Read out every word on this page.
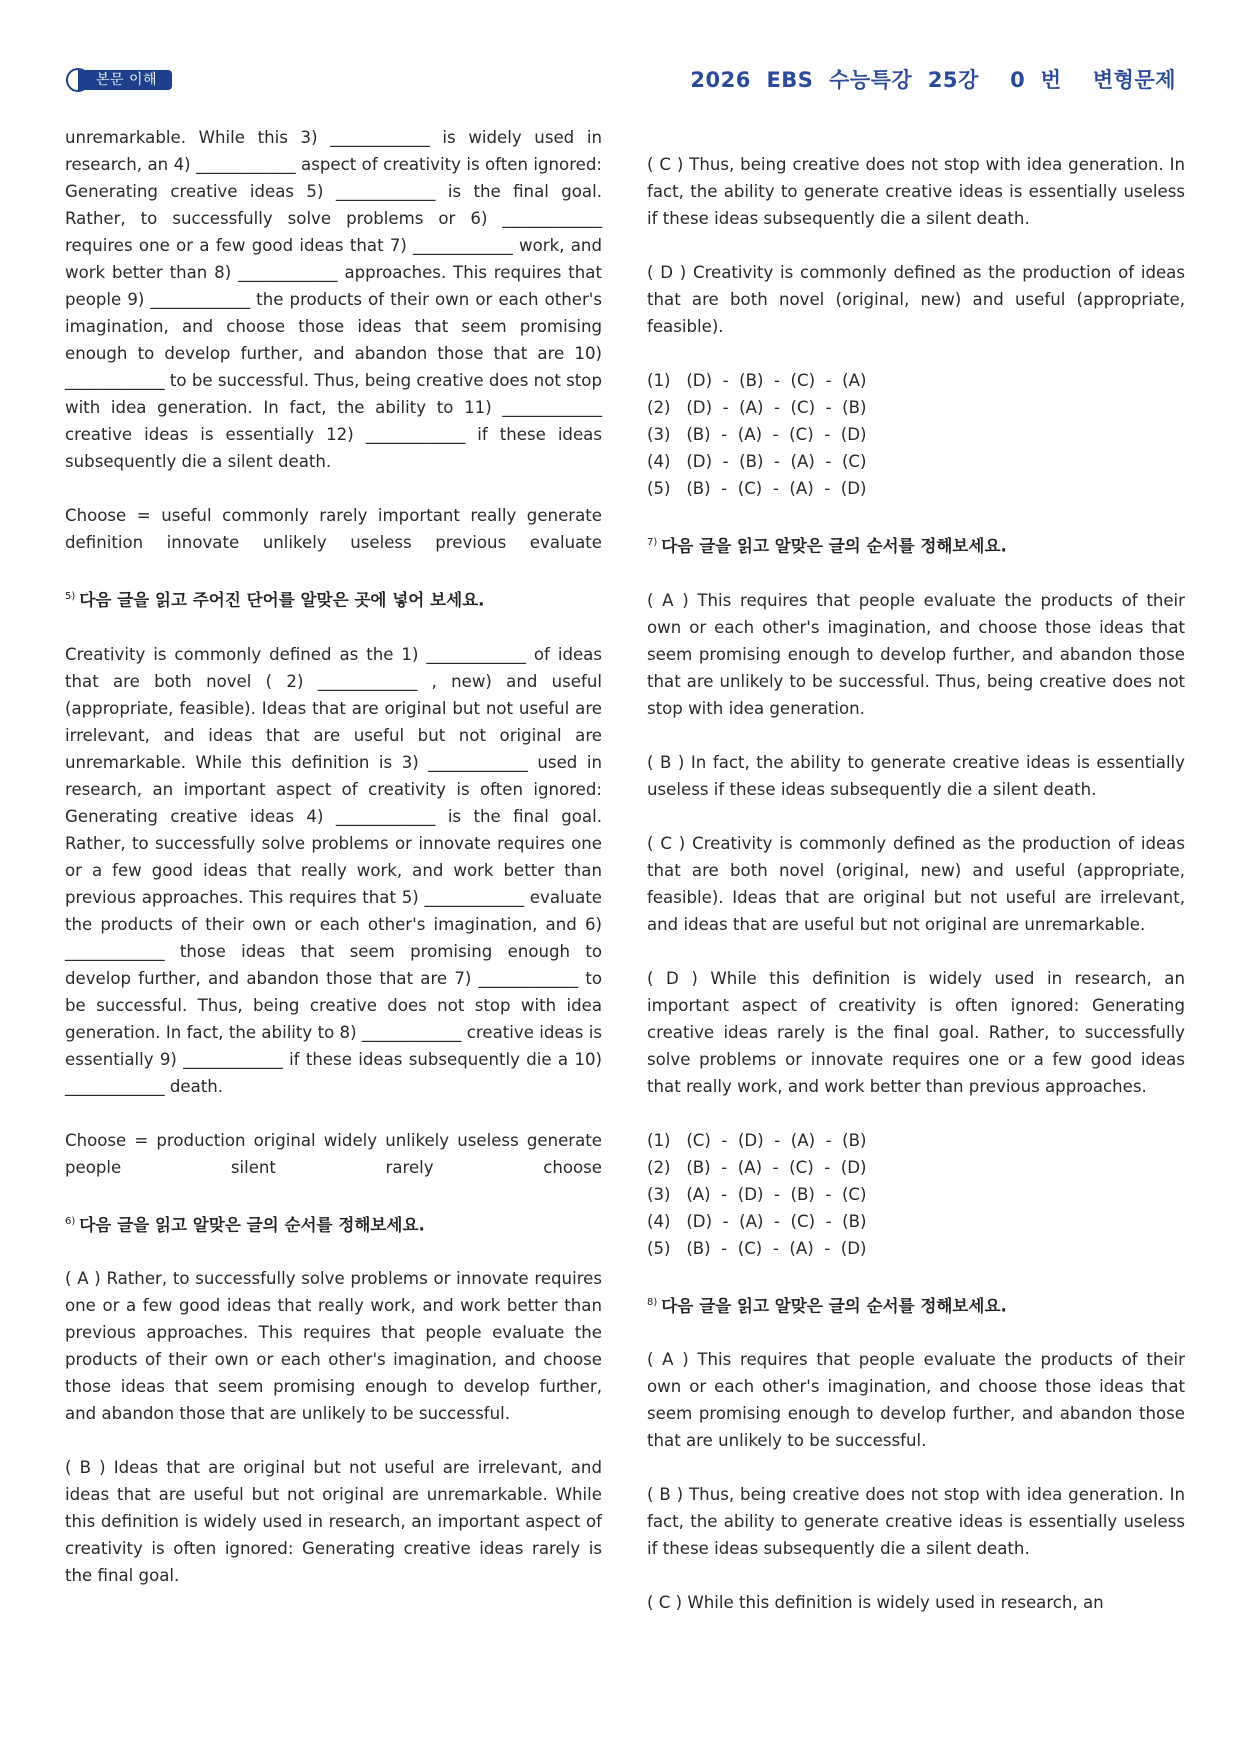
본문 이해	2026  EBS  수능특강  25강    0  번    변형문제

unremarkable. While this 3) ____________ is widely used in research, an 4) ____________ aspect of creativity is often ignored: Generating creative ideas 5) ____________ is the final goal. Rather, to successfully solve problems or 6) ____________ requires one or a few good ideas that 7) ____________ work, and work better than 8) ____________ approaches. This requires that people 9) ____________ the products of their own or each other's imagination, and choose those ideas that seem promising enough to develop further, and abandon those that are 10) ____________ to be successful. Thus, being creative does not stop with idea generation. In fact, the ability to 11) ____________ creative ideas is essentially 12) ____________ if these ideas subsequently die a silent death.

Choose = useful commonly rarely important really generate definition innovate unlikely useless previous evaluate

$^{5)}$ 다음 글을 읽고 주어진 단어를 알맞은 곳에 넣어 보세요.

Creativity is commonly defined as the 1) ____________ of ideas that are both novel ( 2) ____________ , new) and useful (appropriate, feasible). Ideas that are original but not useful are irrelevant, and ideas that are useful but not original are unremarkable. While this definition is 3) ____________ used in research, an important aspect of creativity is often ignored: Generating creative ideas 4) ____________ is the final goal. Rather, to successfully solve problems or innovate requires one or a few good ideas that really work, and work better than previous approaches. This requires that 5) ____________ evaluate the products of their own or each other's imagination, and 6) ____________ those ideas that seem promising enough to develop further, and abandon those that are 7) ____________ to be successful. Thus, being creative does not stop with idea generation. In fact, the ability to 8) ____________ creative ideas is essentially 9) ____________ if these ideas subsequently die a 10) ____________ death.

Choose = production original widely unlikely useless generate people silent rarely choose

$^{6)}$ 다음 글을 읽고 알맞은 글의 순서를 정해보세요.

( A ) Rather, to successfully solve problems or innovate requires one or a few good ideas that really work, and work better than previous approaches. This requires that people evaluate the products of their own or each other's imagination, and choose those ideas that seem promising enough to develop further, and abandon those that are unlikely to be successful.

( B ) Ideas that are original but not useful are irrelevant, and ideas that are useful but not original are unremarkable. While this definition is widely used in research, an important aspect of creativity is often ignored: Generating creative ideas rarely is the final goal.

( C ) Thus, being creative does not stop with idea generation. In fact, the ability to generate creative ideas is essentially useless if these ideas subsequently die a silent death.

( D ) Creativity is commonly defined as the production of ideas that are both novel (original, new) and useful (appropriate, feasible).

(1)   (D)  -  (B)  -  (C)  -  (A)
(2)   (D)  -  (A)  -  (C)  -  (B)
(3)   (B)  -  (A)  -  (C)  -  (D)
(4)   (D)  -  (B)  -  (A)  -  (C)
(5)   (B)  -  (C)  -  (A)  -  (D)
$^{7)}$ 다음 글을 읽고 알맞은 글의 순서를 정해보세요.

( A ) This requires that people evaluate the products of their own or each other's imagination, and choose those ideas that seem promising enough to develop further, and abandon those that are unlikely to be successful. Thus, being creative does not stop with idea generation.

( B ) In fact, the ability to generate creative ideas is essentially useless if these ideas subsequently die a silent death.

( C ) Creativity is commonly defined as the production of ideas that are both novel (original, new) and useful (appropriate, feasible). Ideas that are original but not useful are irrelevant, and ideas that are useful but not original are unremarkable.

( D ) While this definition is widely used in research, an important aspect of creativity is often ignored: Generating creative ideas rarely is the final goal. Rather, to successfully solve problems or innovate requires one or a few good ideas that really work, and work better than previous approaches.

(1)   (C)  -  (D)  -  (A)  -  (B)
(2)   (B)  -  (A)  -  (C)  -  (D)
(3)   (A)  -  (D)  -  (B)  -  (C)
(4)   (D)  -  (A)  -  (C)  -  (B)
(5)   (B)  -  (C)  -  (A)  -  (D)
$^{8)}$ 다음 글을 읽고 알맞은 글의 순서를 정해보세요.

( A ) This requires that people evaluate the products of their own or each other's imagination, and choose those ideas that seem promising enough to develop further, and abandon those that are unlikely to be successful.

( B ) Thus, being creative does not stop with idea generation. In fact, the ability to generate creative ideas is essentially useless if these ideas subsequently die a silent death.

( C ) While this definition is widely used in research, an
